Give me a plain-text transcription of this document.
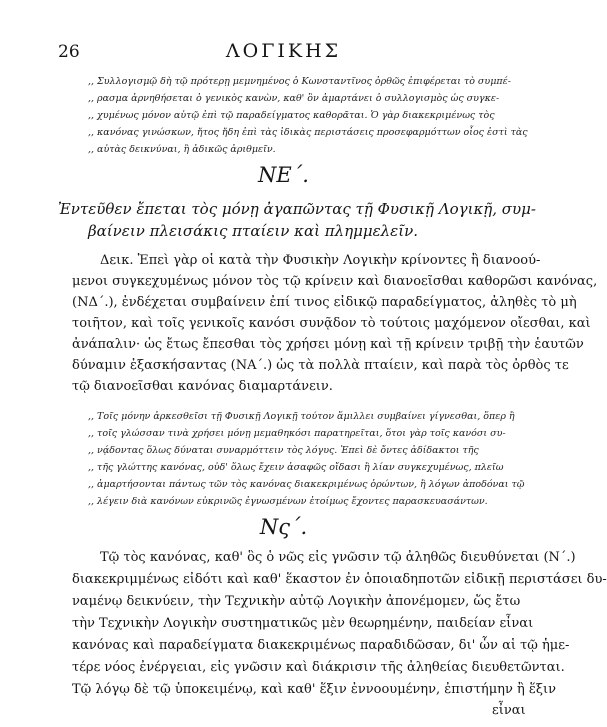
26	ΛΟΓΙΚΗΣ
,, Συλλογισμῷ δὴ τῷ πρότερῃ μεμνημένος ὁ Κωνσταντῖνος ὀρθῶς ἐπιφέρεται τὸ συμπέ-
,, ρασμα ἀρνηθήσεται ὁ γενικὸς κανὼν, καθ' ὃν ἁμαρτάνει ὁ συλλογισμὸς ὡς συγκε-
,, χυμένως μόνον αὐτῷ ἐπὶ τῷ παραδείγματος καθορᾶται. Ὁ γὰρ διακεκριμένως τὸς
,, κανόνας γινώσκων, ἤτος ἤδη ἐπὶ τὰς ἰδικὰς περιστάσεις προσεφαρμόττων οἷος ἐστὶ τὰς
,, αὐτὰς δεικνύναι, ἢ ἀδικῶς ἀριθμεῖν.
ΝΕ΄.
Ἐντεῦθεν ἔπεται τὸς μόνῃ ἀγαπῶντας τῇ Φυσικῇ Λογικῇ, συμ-
βαίνειν πλεισάκις πταίειν καὶ πλημμελεῖν.
Δεικ. Ἐπεὶ γὰρ οἱ κατὰ τὴν Φυσικὴν Λογικὴν κρίνοντες ἢ διανοού-
μενοι συγκεχυμένως μόνον τὸς τῷ κρίνειν καὶ διανοεῖσθαι καθορῶσι κανόνας,
(ΝΔ΄.), ἐνδέχεται συμβαίνειν ἐπί τινος εἰδικῷ παραδείγματος, ἀληθὲς τὸ μὴ
τοιῆτον, καὶ τοῖς γενικοῖς κανόσι συνᾷδον τὸ τούτοις μαχόμενον οἴεσθαι, καὶ
ἀνάπαλιν· ὡς ἔτως ἔπεσθαι τὸς χρήσει μόνῃ καὶ τῇ κρίνειν τριβῇ τὴν ἑαυτῶν
δύναμιν ἐξασκήσαντας (ΝΑ΄.) ὡς τὰ πολλὰ πταίειν, καὶ παρὰ τὸς ὀρθὸς τε
τῷ διανοεῖσθαι κανόνας διαμαρτάνειν.
,, Τοῖς μόνην ἀρκεσθεῖσι τῇ Φυσικῇ Λογικῇ τούτον ἅμιλλει συμβαίνει γίγνεσθαι, ὅπερ ἢ
,, τοῖς γλώσσαν τινὰ χρήσει μόνῃ μεμαθηκόσι παρατηρεῖται, ὅτοι γὰρ τοῖς κανόσι συ-
,, νᾴδοντας ὅλως δύναται συναρμόττειν τὸς λόγυς. Ἐπεὶ δὲ ὄντες ἀδίδακτοι τῆς
,, τῆς γλώττης κανόνας, οὐδ' ὅλως ἔχειν ἀσαφῶς οἴδασι ἢ λίαν συγκεχυμένως, πλεῖω
,, ἁμαρτήσονται πάντως τῶν τὸς κανόνας διακεκριμένως ὁρώντων, ἢ λόγων ἀποδόναι τῷ
,, λέγειν διὰ κανόνων εὐκρινῶς ἐγνωσμένων ἑτοίμως ἔχοντες παρασκευασάντων.
Νς΄.
Τῷ τὸς κανόνας, καθ' ὃς ὁ νῶς εἰς γνῶσιν τῷ ἀληθῶς διευθύνεται (Ν΄.)
διακεκριμμένως εἰδότι καὶ καθ' ἕκαστον ἐν ὁποιαδηποτῶν εἰδικῇ περιστάσει δυ-
ναμένῳ δεικνύειν, τὴν Τεχνικὴν αὐτῷ Λογικὴν ἀπονέμομεν, ὥς ἔτω
τὴν Τεχνικὴν Λογικὴν συστηματικῶς μὲν θεωρημένην, παιδείαν εἶναι
κανόνας καὶ παραδείγματα διακεκριμένως παραδιδῶσαν, δι' ὧν αἱ τῷ ἡμε-
τέρε νόος ἐνέργειαι, εἰς γνῶσιν καὶ διάκρισιν τῆς ἀληθείας διευθετῶνται.
Τῷ λόγῳ δὲ τῷ ὑποκειμένῳ, καὶ καθ' ἕξιν ἐννοουμένην, ἐπιστήμην ἢ ἕξιν
εἶναι
